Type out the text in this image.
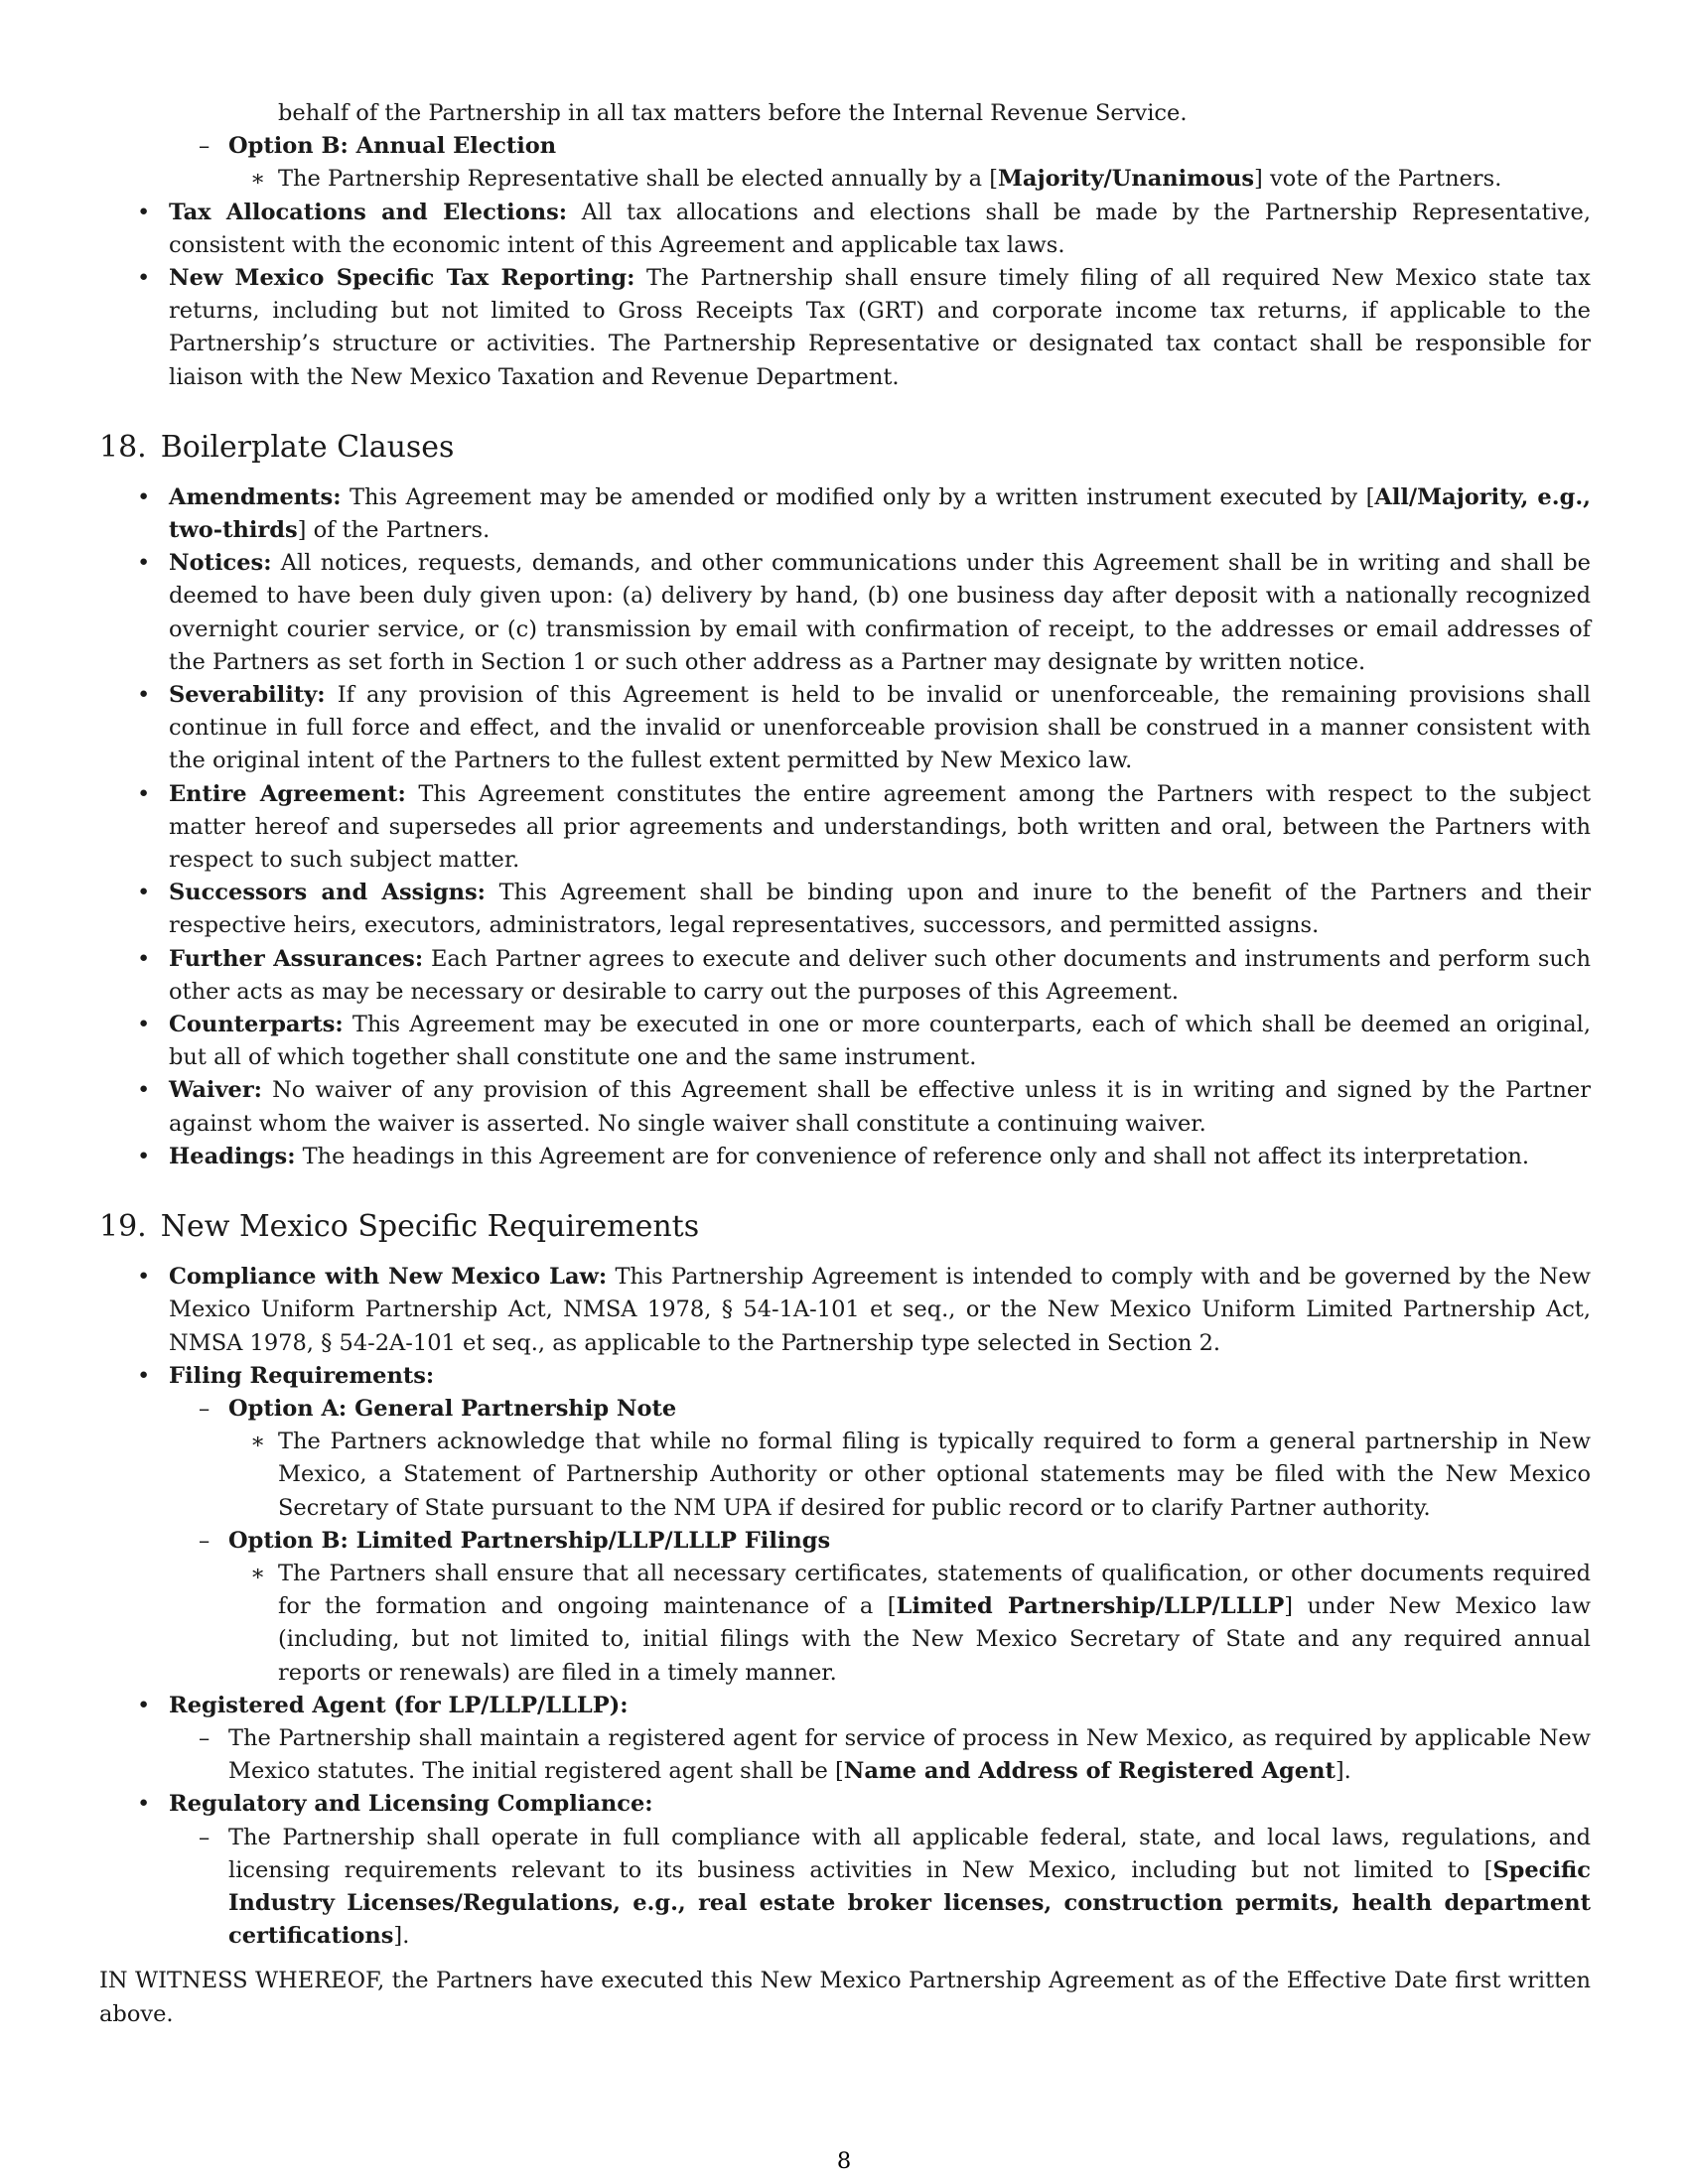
behalf of the Partnership in all tax matters before the Internal Revenue Service.
– Option B: Annual Election
∗ The Partnership Representative shall be elected annually by a [Majority/Unanimous] vote of the Partners.
• Tax Allocations and Elections: All tax allocations and elections shall be made by the Partnership Representative, consistent with the economic intent of this Agreement and applicable tax laws.
• New Mexico Specific Tax Reporting: The Partnership shall ensure timely filing of all required New Mexico state tax returns, including but not limited to Gross Receipts Tax (GRT) and corporate income tax returns, if applicable to the Partnership’s structure or activities. The Partnership Representative or designated tax contact shall be responsible for liaison with the New Mexico Taxation and Revenue Department.
18. Boilerplate Clauses
• Amendments: This Agreement may be amended or modified only by a written instrument executed by [All/Majority, e.g., two-thirds] of the Partners.
• Notices: All notices, requests, demands, and other communications under this Agreement shall be in writing and shall be deemed to have been duly given upon: (a) delivery by hand, (b) one business day after deposit with a nationally recognized overnight courier service, or (c) transmission by email with confirmation of receipt, to the addresses or email addresses of the Partners as set forth in Section 1 or such other address as a Partner may designate by written notice.
• Severability: If any provision of this Agreement is held to be invalid or unenforceable, the remaining provisions shall continue in full force and effect, and the invalid or unenforceable provision shall be construed in a manner consistent with the original intent of the Partners to the fullest extent permitted by New Mexico law.
• Entire Agreement: This Agreement constitutes the entire agreement among the Partners with respect to the subject matter hereof and supersedes all prior agreements and understandings, both written and oral, between the Partners with respect to such subject matter.
• Successors and Assigns: This Agreement shall be binding upon and inure to the benefit of the Partners and their respective heirs, executors, administrators, legal representatives, successors, and permitted assigns.
• Further Assurances: Each Partner agrees to execute and deliver such other documents and instruments and perform such other acts as may be necessary or desirable to carry out the purposes of this Agreement.
• Counterparts: This Agreement may be executed in one or more counterparts, each of which shall be deemed an original, but all of which together shall constitute one and the same instrument.
• Waiver: No waiver of any provision of this Agreement shall be effective unless it is in writing and signed by the Partner against whom the waiver is asserted. No single waiver shall constitute a continuing waiver.
• Headings: The headings in this Agreement are for convenience of reference only and shall not affect its interpretation.
19. New Mexico Specific Requirements
• Compliance with New Mexico Law: This Partnership Agreement is intended to comply with and be governed by the New Mexico Uniform Partnership Act, NMSA 1978, § 54-1A-101 et seq., or the New Mexico Uniform Limited Partnership Act, NMSA 1978, § 54-2A-101 et seq., as applicable to the Partnership type selected in Section 2.
• Filing Requirements:
– Option A: General Partnership Note
∗ The Partners acknowledge that while no formal filing is typically required to form a general partnership in New Mexico, a Statement of Partnership Authority or other optional statements may be filed with the New Mexico Secretary of State pursuant to the NM UPA if desired for public record or to clarify Partner authority.
– Option B: Limited Partnership/LLP/LLLP Filings
∗ The Partners shall ensure that all necessary certificates, statements of qualification, or other documents required for the formation and ongoing maintenance of a [Limited Partnership/LLP/LLLP] under New Mexico law (including, but not limited to, initial filings with the New Mexico Secretary of State and any required annual reports or renewals) are filed in a timely manner.
• Registered Agent (for LP/LLP/LLLP):
– The Partnership shall maintain a registered agent for service of process in New Mexico, as required by applicable New Mexico statutes. The initial registered agent shall be [Name and Address of Registered Agent].
• Regulatory and Licensing Compliance:
– The Partnership shall operate in full compliance with all applicable federal, state, and local laws, regulations, and licensing requirements relevant to its business activities in New Mexico, including but not limited to [Specific Industry Licenses/Regulations, e.g., real estate broker licenses, construction permits, health department certifications].

IN WITNESS WHEREOF, the Partners have executed this New Mexico Partnership Agreement as of the Effective Date first written above.

8
